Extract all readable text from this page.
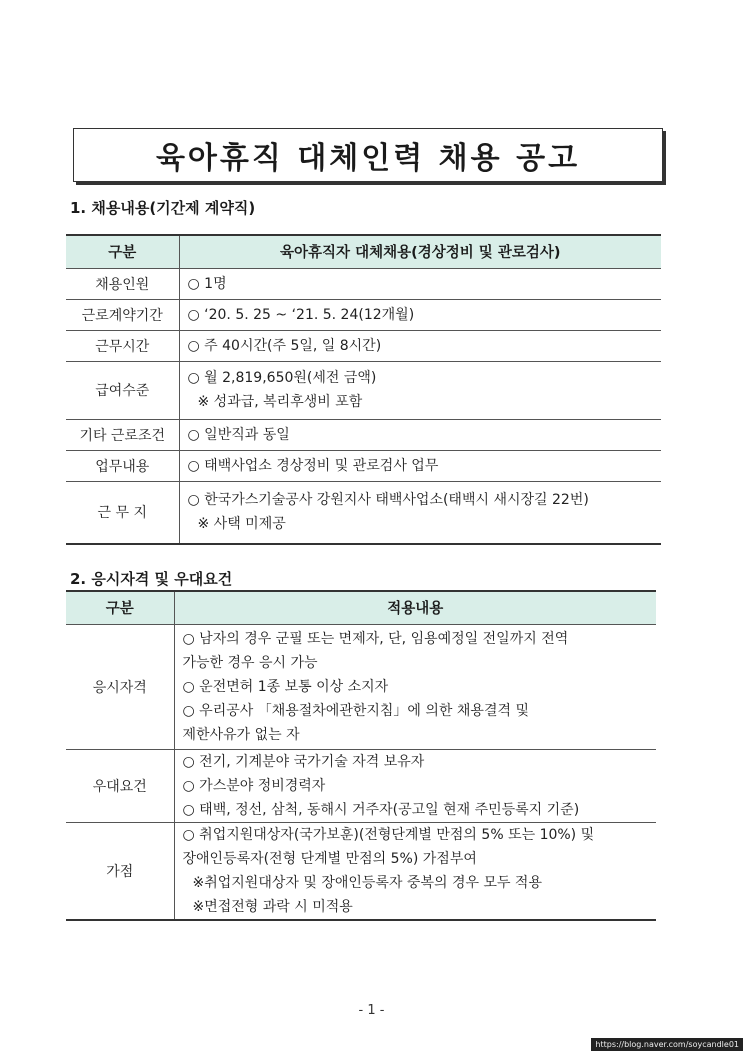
육아휴직 대체인력 채용 공고
1. 채용내용(기간제 계약직)
구분	육아휴직자 대체채용(경상정비 및 관로검사)
채용인원	○ 1명

근로계약기간	○ ‘20. 5. 25 ~ ‘21. 5. 24(12개월)

근무시간	○ 주 40시간(주 5일, 일 8시간)

급여수준	○ 월 2,819,650원(세전 금액)
※ 성과급, 복리후생비 포함

기타 근로조건	○ 일반직과 동일

업무내용	○ 태백사업소 경상정비 및 관로검사 업무

근 무 지	○ 한국가스기술공사 강원지사 태백사업소(태백시 새시장길 22번)
※ 사택 미제공
2. 응시자격 및 우대요건
구분	적용내용
응시자격	○ 남자의 경우 군필 또는 면제자, 단, 임용예정일 전일까지 전역
가능한 경우 응시 가능
○ 운전면허 1종 보통 이상 소지자
○ 우리공사 「채용절차에관한지침」에 의한 채용결격 및
제한사유가 없는 자

우대요건	○ 전기, 기계분야 국가기술 자격 보유자
○ 가스분야 정비경력자
○ 태백, 정선, 삼척, 동해시 거주자(공고일 현재 주민등록지 기준)

가점	○ 취업지원대상자(국가보훈)(전형단계별 만점의 5% 또는 10%) 및
장애인등록자(전형 단계별 만점의 5%) 가점부여
※취업지원대상자 및 장애인등록자 중복의 경우 모두 적용
※면접전형 과락 시 미적용
- 1 -
https://blog.naver.com/soycandle01
